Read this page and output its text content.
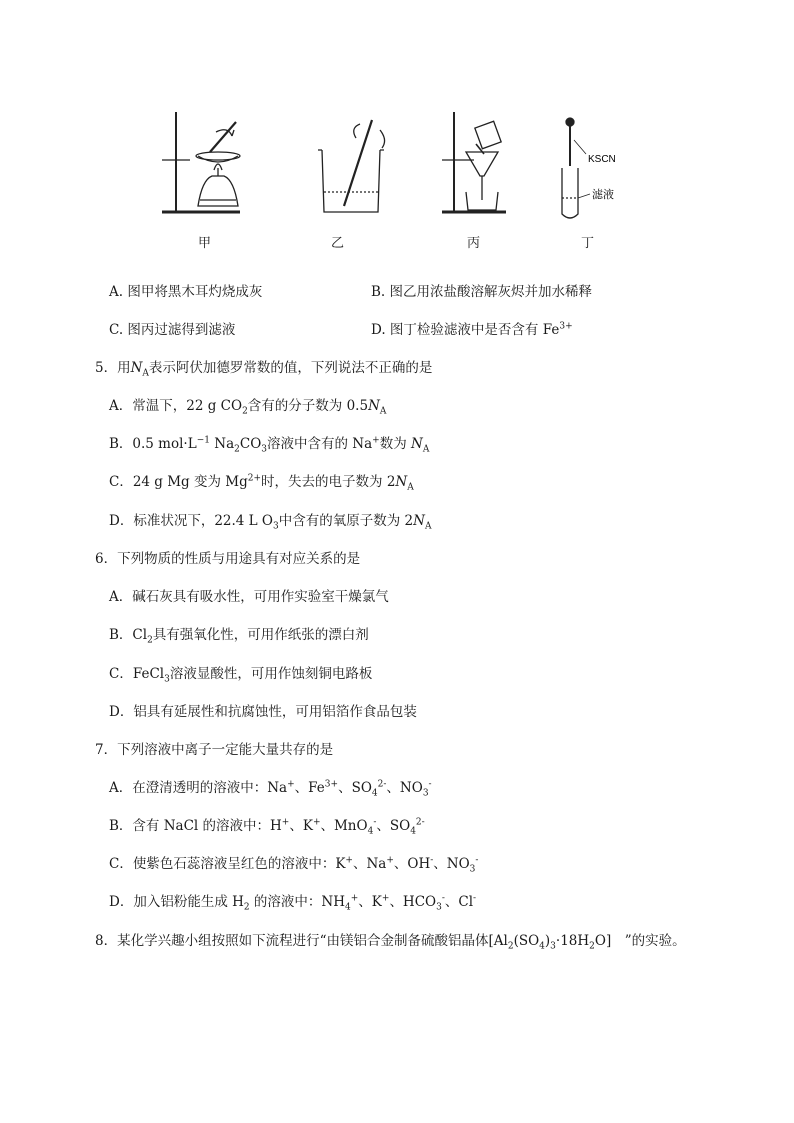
KSCN
滤液
甲	乙	丙	丁
A. 图甲将黑木耳灼烧成灰	B. 图乙用浓盐酸溶解灰烬并加水稀释
C. 图丙过滤得到滤液	D. 图丁检验滤液中是否含有 $Fe^{3+}$
5．用$N_A$表示阿伏加德罗常数的值，下列说法不正确的是
A．常温下，22 g $CO_2$含有的分子数为 $0.5N_A$
B．0.5 $mol\cdot L^{-1}$ $Na_2CO_3$溶液中含有的 Na+数为 $N_A$
C．24 g Mg 变为 $Mg^{2+}$时，失去的电子数为 $2N_A$
D．标准状况下，22.4 L $O_3$中含有的氧原子数为 $2N_A$
6．下列物质的性质与用途具有对应关系的是
A．碱石灰具有吸水性，可用作实验室干燥氯气
B．$Cl_2$具有强氧化性，可用作纸张的漂白剂
C．FeCl$_3$溶液显酸性，可用作蚀刻铜电路板
D．铝具有延展性和抗腐蚀性，可用铝箔作食品包装
7．下列溶液中离子一定能大量共存的是
A．在澄清透明的溶液中：Na+、$Fe^{3+}$、$SO_4^{2-}$、$NO_3^-$
B．含有 NaCl 的溶液中：H+、K+、MnO$_4$-、$SO_4^{2-}$
C．使紫色石蕊溶液呈红色的溶液中：K+、Na+、OH-、$NO_3^-$
D．加入铝粉能生成 $H_2$ 的溶液中：$NH_4^+$、K+、$HCO_3^-$、Cl-
8．某化学兴趣小组按照如下流程进行“由镁铝合金制备硫酸铝晶体$[Al_2(SO_4)_3\cdot 18H_2O]$　”的实验。
